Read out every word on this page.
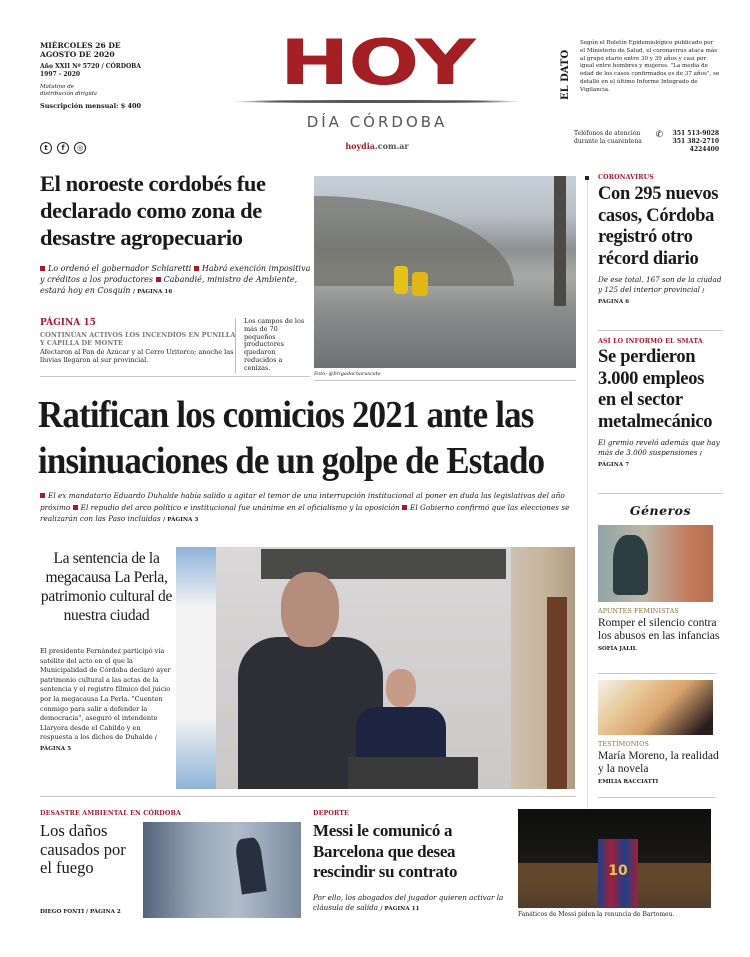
MIÉRCOLES 26 DE
AGOSTO DE 2020
Año XXII Nº 5720 / CÓRDOBA
1997 - 2020
Matutino de
distribución dirigida
Suscripción mensual: $ 400
t	f	◎
HOY
DÍA CÓRDOBA
hoydia.com.ar
EL DATO
Según el Boletín Epidemiológico publicado por el Ministerio de Salud, el coronavirus ataca más al grupo etario entre 30 y 39 años y casi por igual entre hombres y mujeres. "La media de edad de los casos confirmados es de 37 años", se detalló en el último Informe Integrado de Vigilancia.
Teléfonos de atención durante la cuarentena
✆ 351 513-9028
351 382-2710
4224400
El noroeste cordobés fue declarado como zona de desastre agropecuario
Lo ordenó el gobernador Schiaretti Habrá exención impositiva y créditos a los productores Cabandié, ministro de Ambiente, estará hoy en Cosquín / PÁGINA 16
PÁGINA 15
CONTINÚAN ACTIVOS LOS INCENDIOS EN PUNILLA Y CAPILLA DE MONTE
Afectaron al Pan de Azúcar y al Cerro Uritorco; anoche las lluvias llegaron al sur provincial.
Los campos de los más de 70 pequeños productores quedaron reducidos a cenizas.
Foto: @brigadacharascate
CORONAVIRUS
Con 295 nuevos casos, Córdoba registró otro récord diario
De ese total, 167 son de la ciudad y 125 del interior provincial / PÁGINA 6
ASÍ LO INFORMÓ EL SMATA
Se perdieron 3.000 empleos en el sector metalmecánico
El gremio reveló además que hay más de 3.000 suspensiones / PÁGINA 7
Ratifican los comicios 2021 ante las
insinuaciones de un golpe de Estado
El ex mandatario Eduardo Duhalde había salido a agitar el temor de una interrupción institucional al poner en duda las legislativas del año próximo El repudio del arco político e institucional fue unánime en el oficialismo y la oposición El Gobierno confirmó que las elecciones se realizarán con las Paso incluidas / PÁGINA 3
La sentencia de la megacausa La Perla, patrimonio cultural de nuestra ciudad
El presidente Fernández participó vía satélite del acto en el que la Municipalidad de Córdoba declaró ayer patrimonio cultural a las actas de la sentencia y el registro fílmico del juicio por la megacausa La Perla. "Cuenten conmigo para salir a defender la democracia", aseguró el intendente Llaryora desde el Cabildo y en respuesta a los dichos de Duhalde / PÁGINA 5
Géneros
APUNTES FEMINISTAS
Romper el silencio contra los abusos en las infancias
SOFÍA JALIL
TESTIMONIOS
María Moreno, la realidad y la novela
EMILIA RACCIATTI
DESASTRE AMBIENTAL EN CÓRDOBA
Los daños causados por el fuego
DIEGO FONTI / PÁGINA 2
DEPORTE
Messi le comunicó a Barcelona que desea rescindir su contrato
Por ello, los abogados del jugador quieren activar la cláusula de salida / PÁGINA 11
10
Fanáticos de Messi piden la renuncia de Bartomeu.
